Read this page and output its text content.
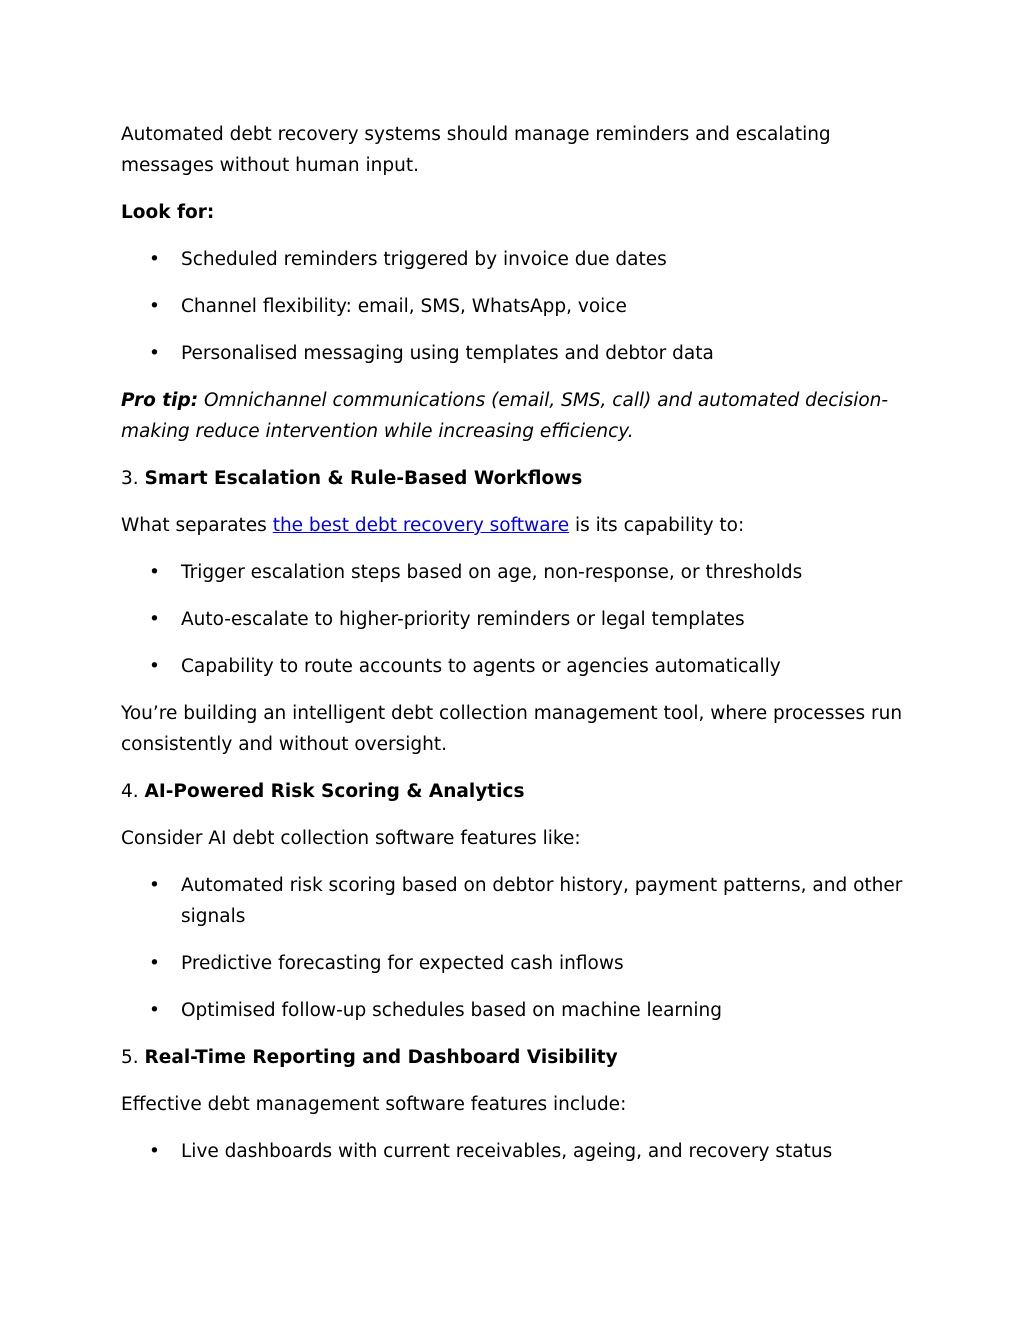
Automated debt recovery systems should manage reminders and escalating messages without human input.

Look for:

• Scheduled reminders triggered by invoice due dates
• Channel flexibility: email, SMS, WhatsApp, voice
• Personalised messaging using templates and debtor data

Pro tip: Omnichannel communications (email, SMS, call) and automated decision-making reduce intervention while increasing efficiency.

3. Smart Escalation & Rule-Based Workflows

What separates the best debt recovery software is its capability to:

• Trigger escalation steps based on age, non-response, or thresholds
• Auto-escalate to higher-priority reminders or legal templates
• Capability to route accounts to agents or agencies automatically

You’re building an intelligent debt collection management tool, where processes run consistently and without oversight.

4. AI-Powered Risk Scoring & Analytics

Consider AI debt collection software features like:

• Automated risk scoring based on debtor history, payment patterns, and other signals
• Predictive forecasting for expected cash inflows
• Optimised follow-up schedules based on machine learning

5. Real-Time Reporting and Dashboard Visibility

Effective debt management software features include:

• Live dashboards with current receivables, ageing, and recovery status
